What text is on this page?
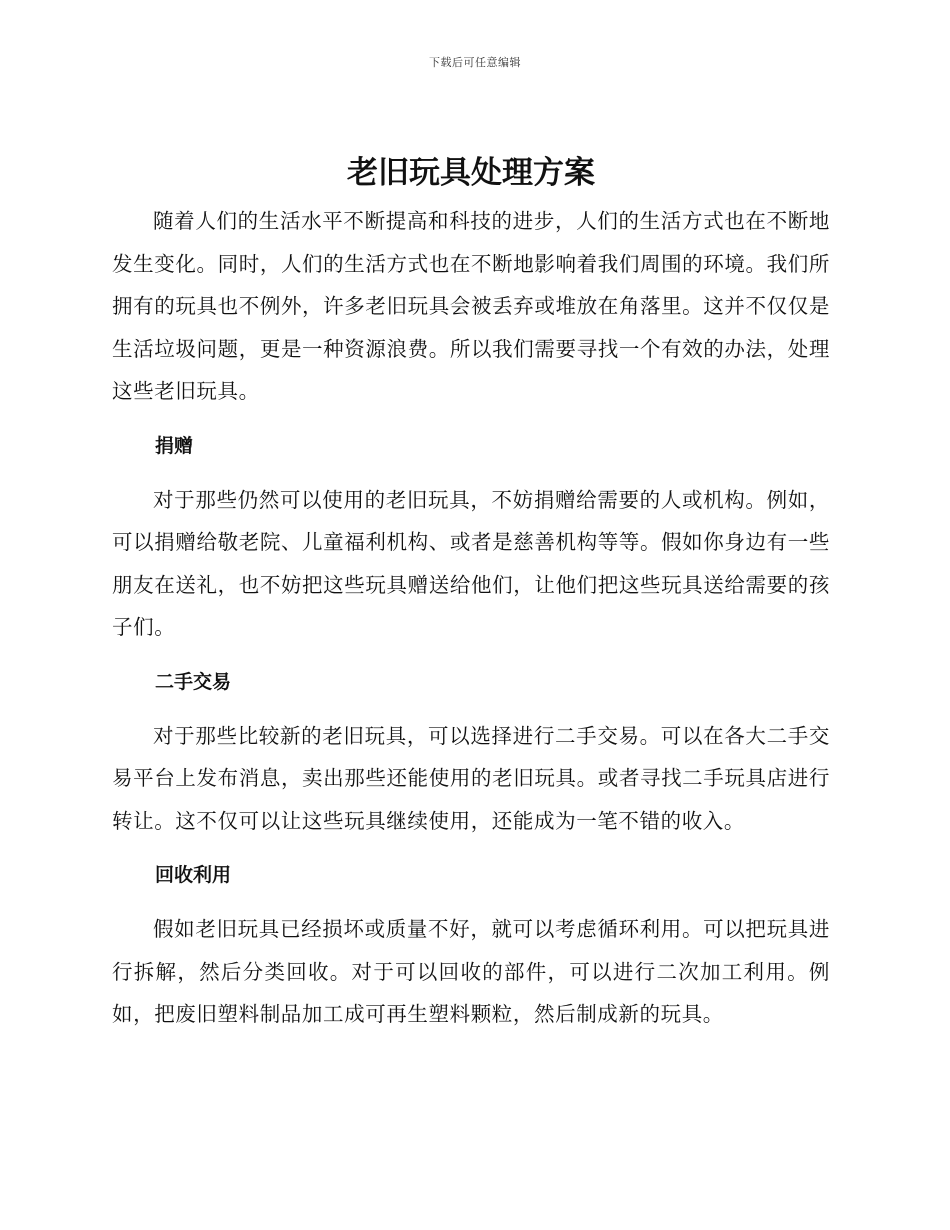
下载后可任意编辑
老旧玩具处理方案

随着人们的生活水平不断提高和科技的进步，人们的生活方式也在不断地发生变化。同时，人们的生活方式也在不断地影响着我们周围的环境。我们所拥有的玩具也不例外，许多老旧玩具会被丢弃或堆放在角落里。这并不仅仅是生活垃圾问题，更是一种资源浪费。所以我们需要寻找一个有效的办法，处理这些老旧玩具。

捐赠

对于那些仍然可以使用的老旧玩具，不妨捐赠给需要的人或机构。例如，可以捐赠给敬老院、儿童福利机构、或者是慈善机构等等。假如你身边有一些朋友在送礼，也不妨把这些玩具赠送给他们，让他们把这些玩具送给需要的孩子们。

二手交易

对于那些比较新的老旧玩具，可以选择进行二手交易。可以在各大二手交易平台上发布消息，卖出那些还能使用的老旧玩具。或者寻找二手玩具店进行转让。这不仅可以让这些玩具继续使用，还能成为一笔不错的收入。

回收利用

假如老旧玩具已经损坏或质量不好，就可以考虑循环利用。可以把玩具进行拆解，然后分类回收。对于可以回收的部件，可以进行二次加工利用。例如，把废旧塑料制品加工成可再生塑料颗粒，然后制成新的玩具。
